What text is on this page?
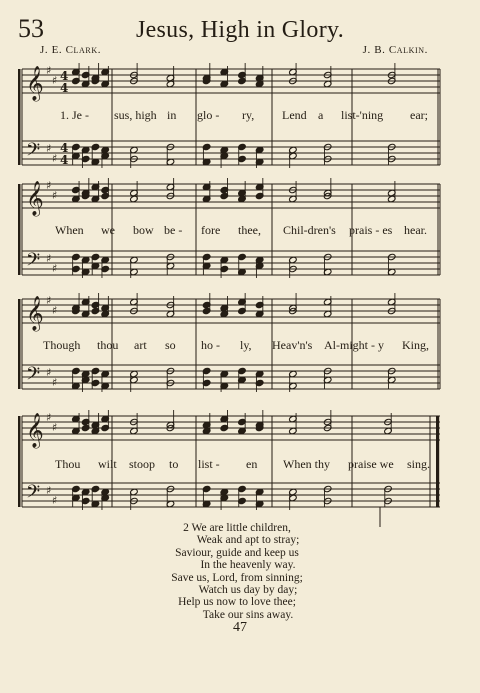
53	Jesus, High in Glory.
J. E. Clark.	J. B. Calkin.
𝄞
𝄢
♯
♯
♯
♯
4
4
4
4
𝄞
𝄢
♯
♯
♯
♯
𝄞
𝄢
♯
♯
♯
♯
𝄞
𝄢
♯
♯
♯
♯
1. Je - sus, high in glo - ry, Lend a list-'ning ear;
When we bow be - fore thee, Chil-dren's prais - es hear.
Though thou art so ho - ly, Heav'n's Al-might - y King,
Thou wilt stoop to list - en When thy praise we sing.
2 We are little children,
Weak and apt to stray;
Saviour, guide and keep us
In the heavenly way.
Save us, Lord, from sinning;
Watch us day by day;
Help us now to love thee;
Take our sins away.
47
